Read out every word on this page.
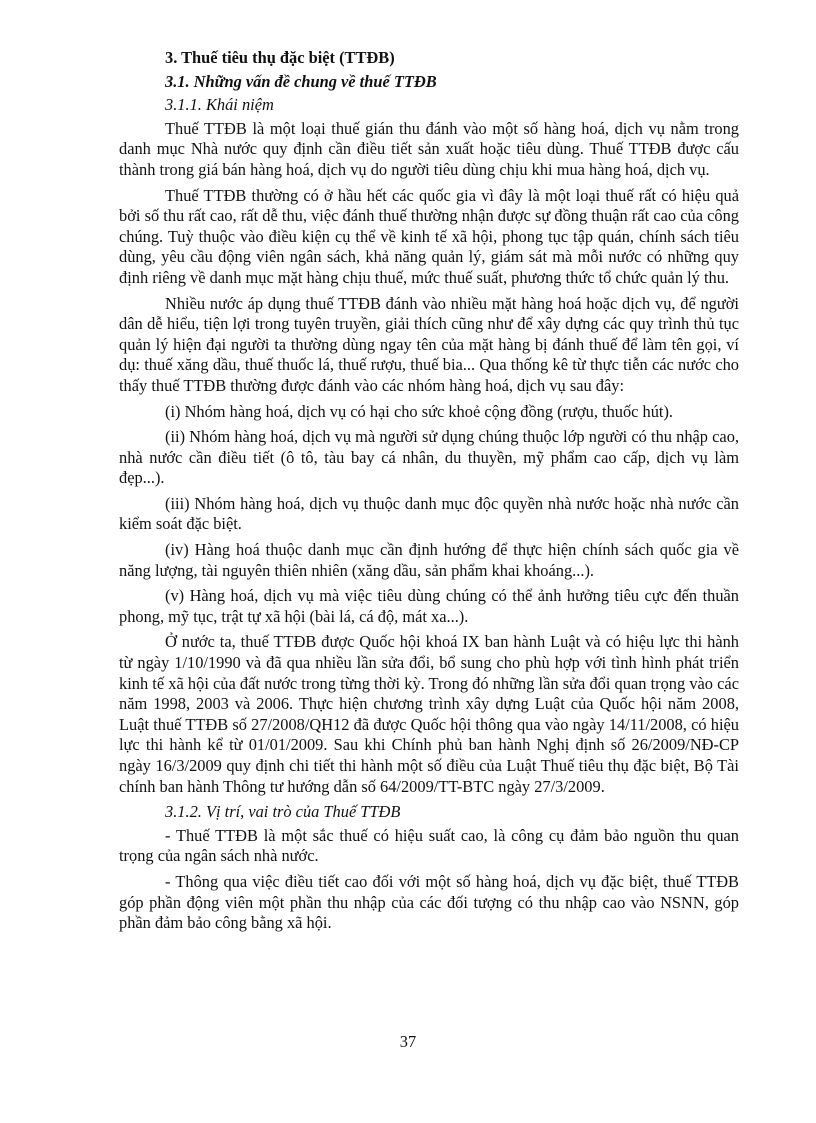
3. Thuế tiêu thụ đặc biệt (TTĐB)

3.1. Những vấn đề chung về thuế TTĐB

3.1.1. Khái niệm

Thuế TTĐB là một loại thuế gián thu đánh vào một số hàng hoá, dịch vụ nằm trong danh mục Nhà nước quy định cần điều tiết sản xuất hoặc tiêu dùng. Thuế TTĐB được cấu thành trong giá bán hàng hoá, dịch vụ do người tiêu dùng chịu khi mua hàng hoá, dịch vụ.

Thuế TTĐB thường có ở hầu hết các quốc gia vì đây là một loại thuế rất có hiệu quả bởi số thu rất cao, rất dễ thu, việc đánh thuế thường nhận được sự đồng thuận rất cao của công chúng. Tuỳ thuộc vào điều kiện cụ thể về kinh tế xã hội, phong tục tập quán, chính sách tiêu dùng, yêu cầu động viên ngân sách, khả năng quản lý, giám sát mà mỗi nước có những quy định riêng về danh mục mặt hàng chịu thuế, mức thuế suất, phương thức tổ chức quản lý thu.

Nhiều nước áp dụng thuế TTĐB đánh vào nhiều mặt hàng hoá hoặc dịch vụ, để người dân dễ hiểu, tiện lợi trong tuyên truyền, giải thích cũng như để xây dựng các quy trình thủ tục quản lý hiện đại người ta thường dùng ngay tên của mặt hàng bị đánh thuế để làm tên gọi, ví dụ: thuế xăng dầu, thuế thuốc lá, thuế rượu, thuế bia... Qua thống kê từ thực tiễn các nước cho thấy thuế TTĐB thường được đánh vào các nhóm hàng hoá, dịch vụ sau đây:

(i) Nhóm hàng hoá, dịch vụ có hại cho sức khoẻ cộng đồng (rượu, thuốc hút).

(ii) Nhóm hàng hoá, dịch vụ mà người sử dụng chúng thuộc lớp người có thu nhập cao, nhà nước cần điều tiết (ô tô, tàu bay cá nhân, du thuyền, mỹ phẩm cao cấp, dịch vụ làm đẹp...).

(iii) Nhóm hàng hoá, dịch vụ thuộc danh mục độc quyền nhà nước hoặc nhà nước cần kiểm soát đặc biệt.

(iv) Hàng hoá thuộc danh mục cần định hướng để thực hiện chính sách quốc gia về năng lượng, tài nguyên thiên nhiên (xăng dầu, sản phẩm khai khoáng...).

(v) Hàng hoá, dịch vụ mà việc tiêu dùng chúng có thể ảnh hưởng tiêu cực đến thuần phong, mỹ tục, trật tự xã hội (bài lá, cá độ, mát xa...).

Ở nước ta, thuế TTĐB được Quốc hội khoá IX ban hành Luật và có hiệu lực thi hành từ ngày 1/10/1990 và đã qua nhiều lần sửa đổi, bổ sung cho phù hợp với tình hình phát triển kinh tế xã hội của đất nước trong từng thời kỳ. Trong đó những lần sửa đổi quan trọng vào các năm 1998, 2003 và 2006. Thực hiện chương trình xây dựng Luật của Quốc hội năm 2008, Luật thuế TTĐB số 27/2008/QH12 đã được Quốc hội thông qua vào ngày 14/11/2008, có hiệu lực thi hành kể từ 01/01/2009. Sau khi Chính phủ ban hành Nghị định số 26/2009/NĐ-CP ngày 16/3/2009 quy định chi tiết thi hành một số điều của Luật Thuế tiêu thụ đặc biệt, Bộ Tài chính ban hành Thông tư hướng dẫn số 64/2009/TT-BTC ngày 27/3/2009.

3.1.2. Vị trí, vai trò của Thuế TTĐB

- Thuế TTĐB là một sắc thuế có hiệu suất cao, là công cụ đảm bảo nguồn thu quan trọng của ngân sách nhà nước.

- Thông qua việc điều tiết cao đối với một số hàng hoá, dịch vụ đặc biệt, thuế TTĐB góp phần động viên một phần thu nhập của các đối tượng có thu nhập cao vào NSNN, góp phần đảm bảo công bằng xã hội.

37
